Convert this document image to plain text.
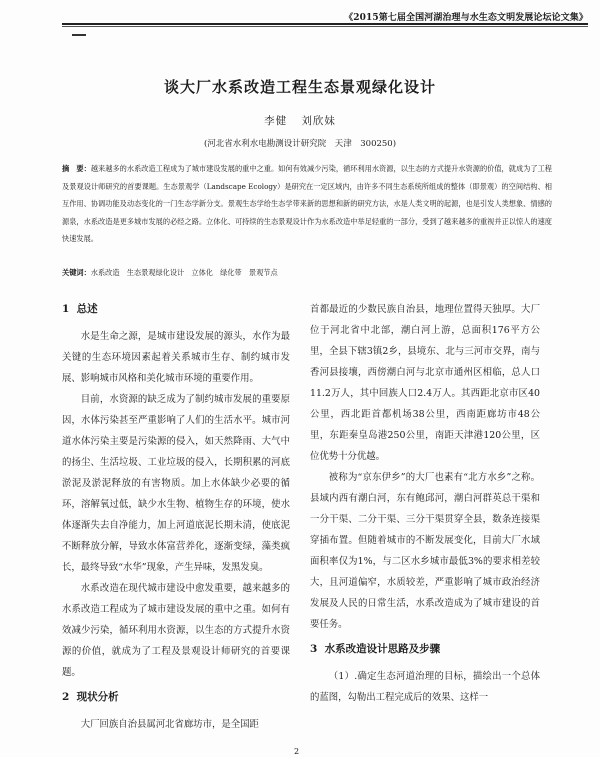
《2015第七届全国河湖治理与水生态文明发展论坛论文集》
谈大厂水系改造工程生态景观绿化设计
李健 刘欣妹
(河北省水利水电勘测设计研究院　天津　300250)

摘　要：越来越多的水系改造工程成为了城市建设发展的重中之重。如何有效减少污染，循环利用水资源，以生态的方式提升水资源的价值，就成为了工程及景观设计师研究的首要课题。生态景观学（Landscape Ecology）是研究在一定区域内，由许多不同生态系统所组成的整体（即景观）的空间结构、相互作用、协调功能及动态变化的一门生态学新分支。景观生态学给生态学带来新的思想和新的研究方法，水是人类文明的起源，也是引发人类想象、情感的源泉，水系改造是更多城市发展的必经之路。立体化、可持续的生态景观设计作为水系改造中举足轻重的一部分，受到了越来越多的重视并正以惊人的速度快速发展。

关键词：水系改造　生态景观绿化设计　立体化　绿化带　景观节点

1 总述

水是生命之源，是城市建设发展的源头，水作为最关键的生态环境因素起着关系城市生存、制约城市发展、影响城市风格和美化城市环境的重要作用。

目前，水资源的缺乏成为了制约城市发展的重要原因，水体污染甚至严重影响了人们的生活水平。城市河道水体污染主要是污染源的侵入，如天然降雨、大气中的扬尘、生活垃圾、工业垃圾的侵入，长期积累的河底淤泥及淤泥释放的有害物质。加上水体缺少必要的循环，溶解氧过低，缺少水生物、植物生存的环境，使水体逐渐失去自净能力，加上河道底泥长期未清，使底泥不断释放分解，导致水体富营养化，逐渐变绿，藻类疯长，最终导致“水华”现象，产生异味，发黑发臭。

水系改造在现代城市建设中愈发重要，越来越多的水系改造工程成为了城市建设发展的重中之重。如何有效减少污染，循环利用水资源，以生态的方式提升水资源的价值，就成为了工程及景观设计师研究的首要课题。

2 现状分析

大厂回族自治县属河北省廊坊市，是全国距

首都最近的少数民族自治县，地理位置得天独厚。大厂位于河北省中北部，潮白河上游，总面积176平方公里，全县下辖3镇2乡，县境东、北与三河市交界，南与香河县接壤，西傍潮白河与北京市通州区相临，总人口11.2万人，其中回族人口2.4万人。其西距北京市区40公里，西北距首都机场38公里，西南距廊坊市48公里，东距秦皇岛港250公里，南距天津港120公里，区位优势十分优越。

被称为“京东伊乡”的大厂也素有“北方水乡”之称。县域内西有潮白河，东有鲍邱河，潮白河群英总干渠和一分干渠、二分干渠、三分干渠贯穿全县，数条连接渠穿插布置。但随着城市的不断发展变化，目前大厂水域面积率仅为1%，与二区水乡城市最低3%的要求相差较大，且河道偏窄，水质较差，严重影响了城市政治经济发展及人民的日常生活，水系改造成为了城市建设的首要任务。

3 水系改造设计思路及步骤

（1）.确定生态河道治理的目标，描绘出一个总体的蓝图，勾勒出工程完成后的效果、这样一

2
